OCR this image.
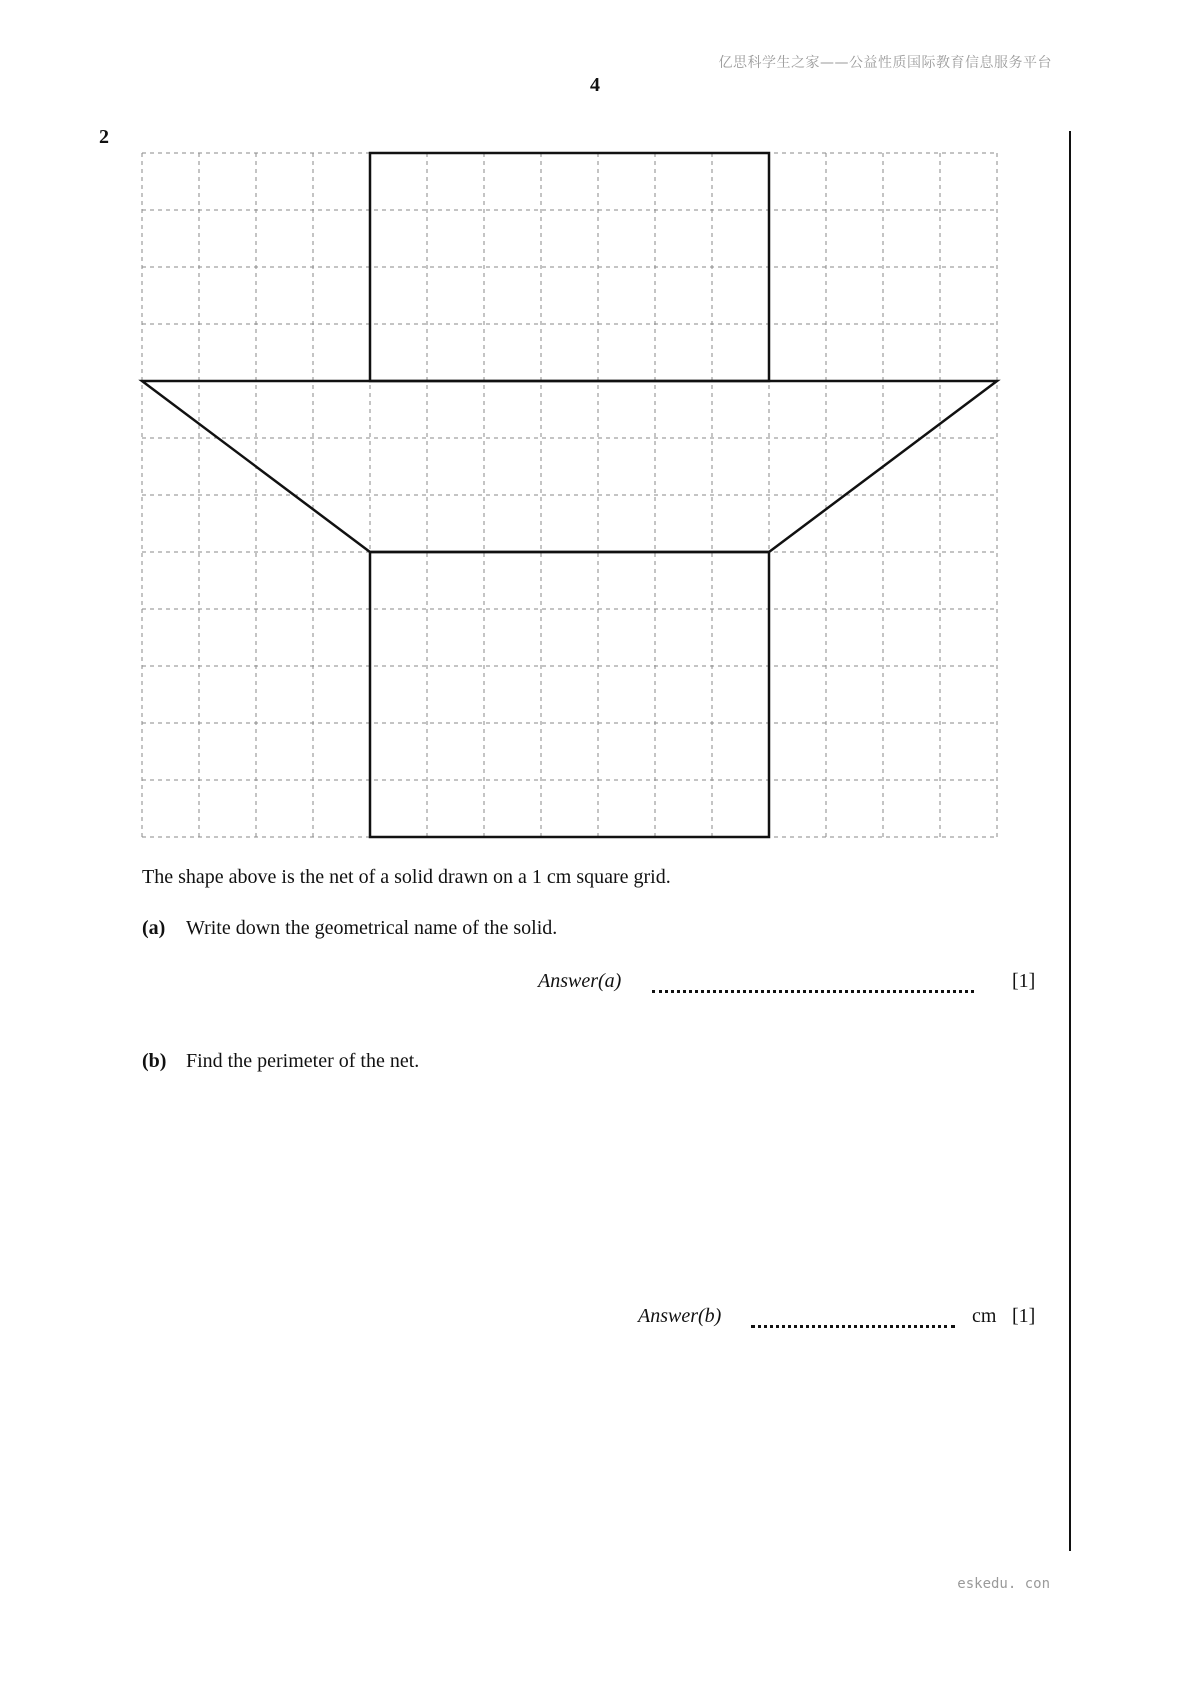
亿思科学生之家——公益性质国际教育信息服务平台
4
2
The shape above is the net of a solid drawn on a 1 cm square grid.
(a) Write down the geometrical name of the solid.
Answer(a)	[1]
(b) Find the perimeter of the net.
Answer(b)	cm [1]
eskedu. con
